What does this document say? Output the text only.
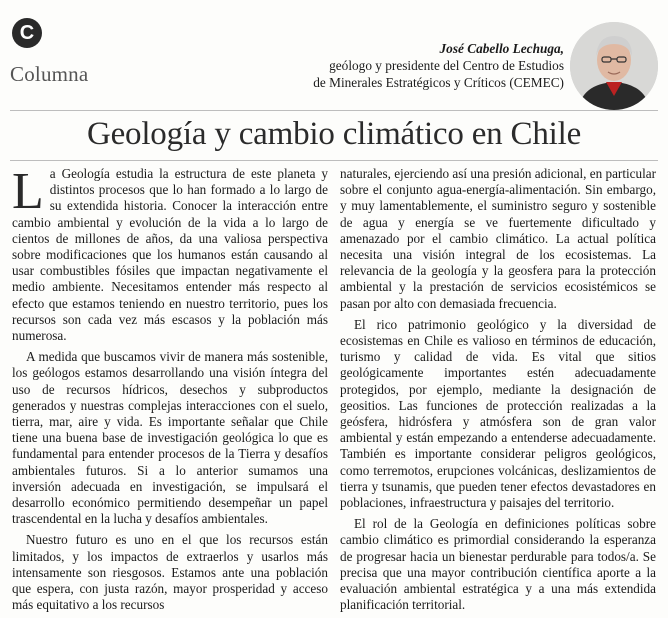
C
Columna
José Cabello Lechuga,
geólogo y presidente del Centro de Estudios
de Minerales Estratégicos y Críticos (CEMEC)
Geología y cambio climático en Chile

La Geología estudia la estructura de este planeta y distintos procesos que lo han formado a lo largo de su extendida historia. Conocer la interacción entre cambio ambiental y evolución de la vida a lo largo de cientos de millones de años, da una valiosa perspectiva sobre modificaciones que los humanos están causando al usar combustibles fósiles que impactan negativamente el medio ambiente. Necesitamos entender más respecto al efecto que estamos teniendo en nuestro territorio, pues los recursos son cada vez más escasos y la población más numerosa.

A medida que buscamos vivir de manera más sostenible, los geólogos estamos desarrollando una visión íntegra del uso de recursos hídricos, desechos y subproductos generados y nuestras complejas interacciones con el suelo, tierra, mar, aire y vida. Es importante señalar que Chile tiene una buena base de investigación geológica lo que es fundamental para entender procesos de la Tierra y desafíos ambientales futuros. Si a lo anterior sumamos una inversión adecuada en investigación, se impulsará el desarrollo económico permitiendo desempeñar un papel trascendental en la lucha y desafíos ambientales.

Nuestro futuro es uno en el que los recursos están limitados, y los impactos de extraerlos y usarlos más intensamente son riesgosos. Estamos ante una población que espera, con justa razón, mayor prosperidad y acceso más equitativo a los recursos

naturales, ejerciendo así una presión adicional, en particular sobre el conjunto agua-energía-alimentación. Sin embargo, y muy lamentablemente, el suministro seguro y sostenible de agua y energía se ve fuertemente dificultado y amenazado por el cambio climático. La actual política necesita una visión integral de los ecosistemas. La relevancia de la geología y la geosfera para la protección ambiental y la prestación de servicios ecosistémicos se pasan por alto con demasiada frecuencia.

El rico patrimonio geológico y la diversidad de ecosistemas en Chile es valioso en términos de educación, turismo y calidad de vida. Es vital que sitios geológicamente importantes estén adecuadamente protegidos, por ejemplo, mediante la designación de geositios. Las funciones de protección realizadas a la geósfera, hidrósfera y atmósfera son de gran valor ambiental y están empezando a entenderse adecuadamente. También es importante considerar peligros geológicos, como terremotos, erupciones volcánicas, deslizamientos de tierra y tsunamis, que pueden tener efectos devastadores en poblaciones, infraestructura y paisajes del territorio.

El rol de la Geología en definiciones políticas sobre cambio climático es primordial considerando la esperanza de progresar hacia un bienestar perdurable para todos/a. Se precisa que una mayor contribución científica aporte a la evaluación ambiental estratégica y a una más extendida planificación territorial.
